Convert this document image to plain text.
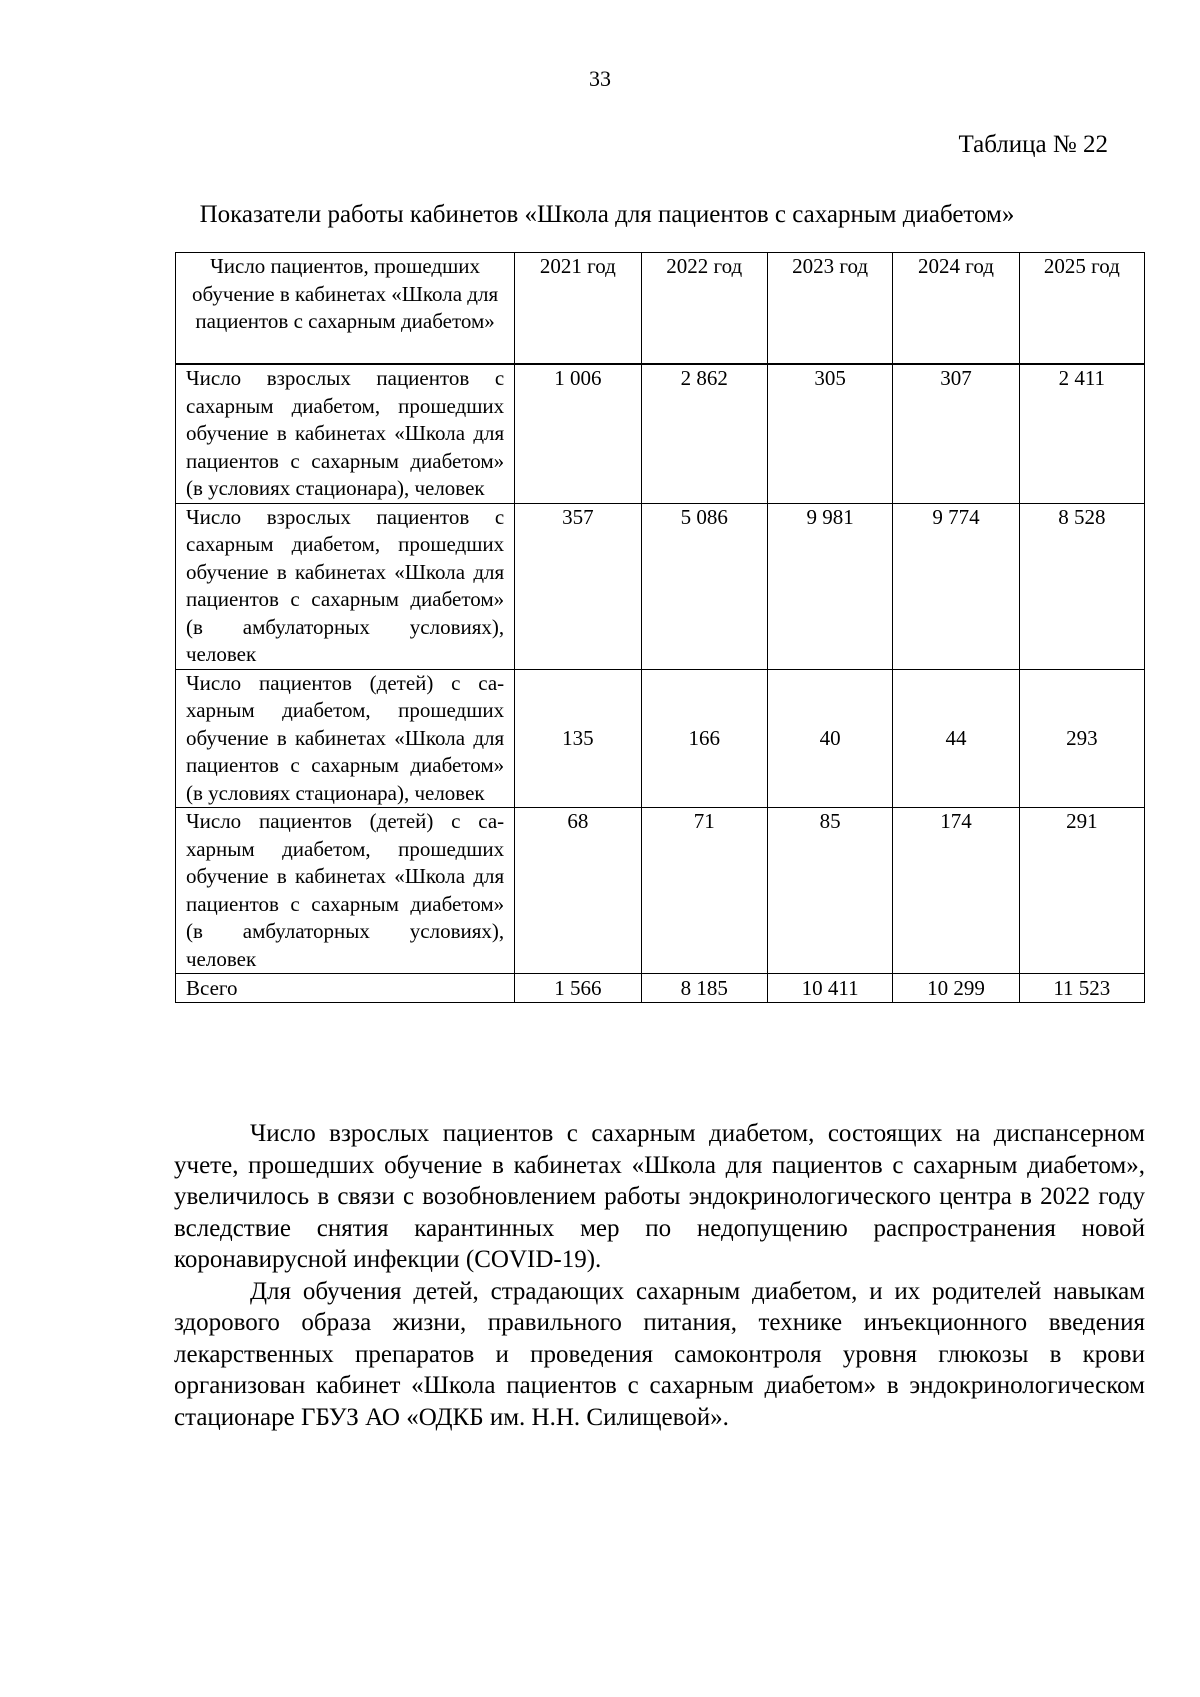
33
Таблица № 22
Показатели работы кабинетов «Школа для пациентов с сахарным диабетом»
Число пациентов, прошедших обучение в кабинетах «Школа для пациентов с сахарным диабетом»	2021 год	2022 год	2023 год	2024 год	2025 год

Число взрослых пациентов с сахарным диабетом, прошедших обучение в кабинетах «Школа для пациентов с сахарным диабетом» (в условиях стационара), человек	1 006	2 862	305	307	2 411
Число взрослых пациентов с сахарным диабетом, прошедших обучение в кабинетах «Школа для пациентов с сахарным диабетом» (в амбулаторных условиях), человек	357	5 086	9 981	9 774	8 528
Число пациентов (детей) с сахарным диабетом, прошедших обучение в кабинетах «Школа для пациентов с сахарным диабетом» (в условиях стационара), человек	135	166	40	44	293
Число пациентов (детей) с сахарным диабетом, прошедших обучение в кабинетах «Школа для пациентов с сахарным диабетом» (в амбулаторных условиях), человек	68	71	85	174	291
Всего	1 566	8 185	10 411	10 299	11 523

Число взрослых пациентов с сахарным диабетом, состоящих на диспансерном учете, прошедших обучение в кабинетах «Школа для пациентов с сахарным диабетом», увеличилось в связи с возобновлением работы эндокринологического центра в 2022 году вследствие снятия карантинных мер по недопущению распространения новой коронавирусной инфекции (COVID-19).

Для обучения детей, страдающих сахарным диабетом, и их родителей навыкам здорового образа жизни, правильного питания, технике инъекционного введения лекарственных препаратов и проведения самоконтроля уровня глюкозы в крови организован кабинет «Школа пациентов с сахарным диабетом» в эндокринологическом стационаре ГБУЗ АО «ОДКБ им. Н.Н. Силищевой».
